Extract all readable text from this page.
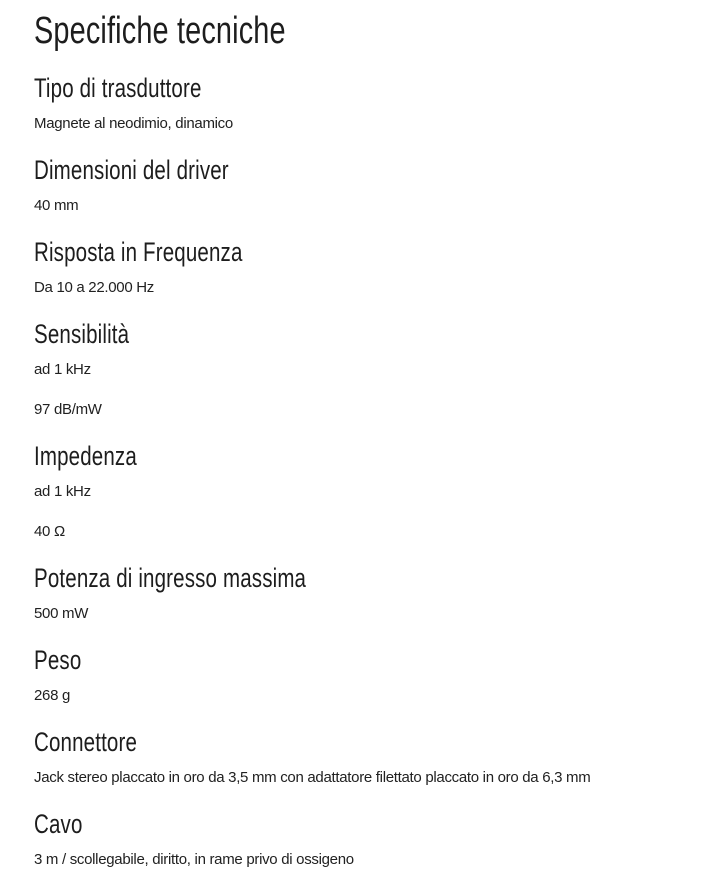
Specifiche tecniche
Tipo di trasduttore

Magnete al neodimio, dinamico

Dimensioni del driver

40 mm

Risposta in Frequenza

Da 10 a 22.000 Hz

Sensibilità

ad 1 kHz

97 dB/mW

Impedenza

ad 1 kHz

40 Ω

Potenza di ingresso massima

500 mW

Peso

268 g

Connettore

Jack stereo placcato in oro da 3,5 mm con adattatore filettato placcato in oro da 6,3 mm

Cavo

3 m / scollegabile, diritto, in rame privo di ossigeno
